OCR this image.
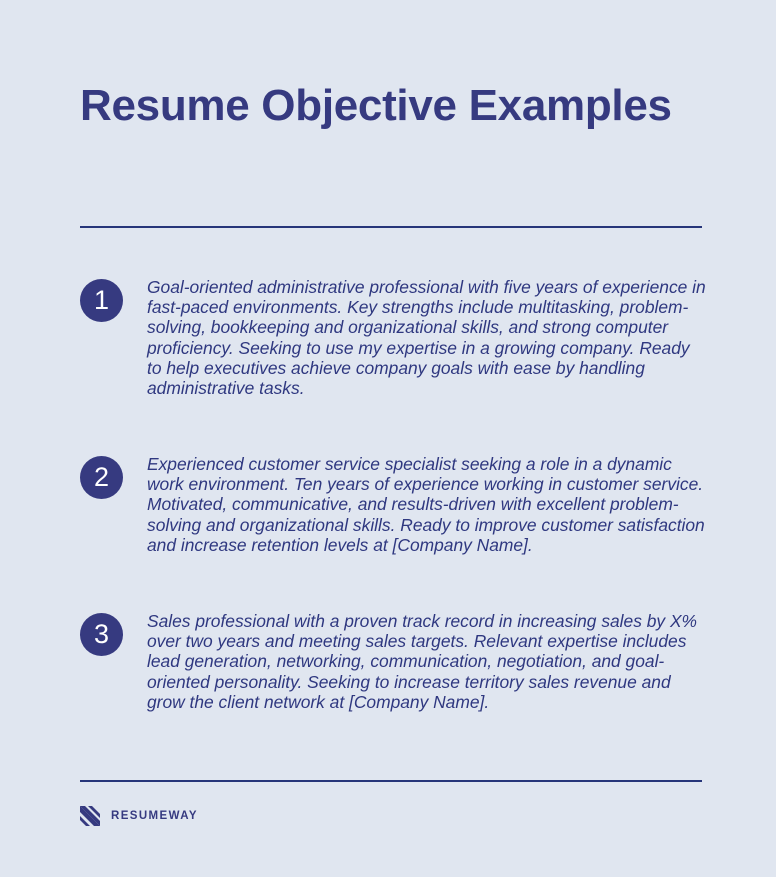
Resume Objective Examples
1	Goal-oriented administrative professional with five years of experience in fast-paced environments. Key strengths include multitasking, problem-solving, bookkeeping and organizational skills, and strong computer proficiency. Seeking to use my expertise in a growing company. Ready to help executives achieve company goals with ease by handling administrative tasks.

2	Experienced customer service specialist seeking a role in a dynamic work environment. Ten years of experience working in customer service. Motivated, communicative, and results-driven with excellent problem-solving and organizational skills. Ready to improve customer satisfaction and increase retention levels at [Company Name].

3	Sales professional with a proven track record in increasing sales by X% over two years and meeting sales targets. Relevant expertise includes lead generation, networking, communication, negotiation, and goal-oriented personality. Seeking to increase territory sales revenue and grow the client network at [Company Name].

RESUMEWAY
